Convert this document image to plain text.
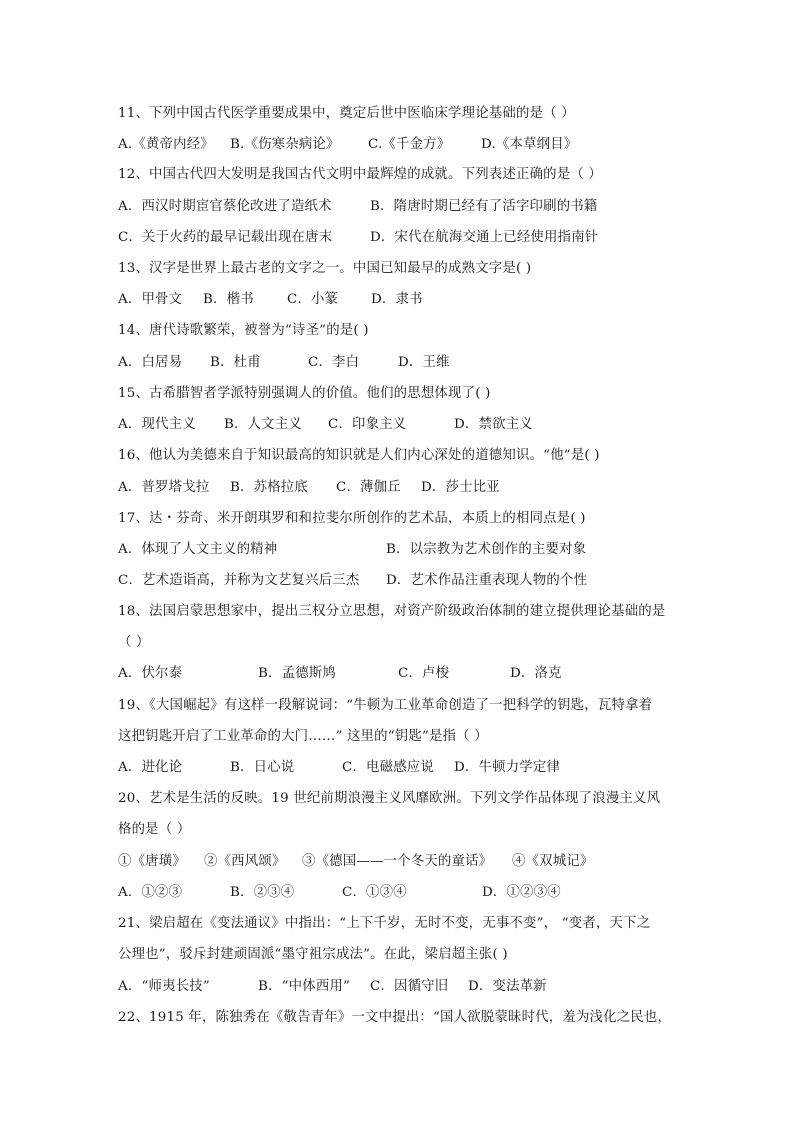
11、下列中国古代医学重要成果中，奠定后世中医临床学理论基础的是（ ）
A.《黄帝内经》	B.《伤寒杂病论》	C.《千金方》	D.《本草纲目》
12、中国古代四大发明是我国古代文明中最辉煌的成就。下列表述正确的是（ ）
A．西汉时期宦官蔡伦改进了造纸术	B．隋唐时期已经有了活字印刷的书籍
C．关于火药的最早记载出现在唐末	D．宋代在航海交通上已经使用指南针
13、汉字是世界上最古老的文字之一。中国已知最早的成熟文字是( )
A．甲骨文	B．楷书	C．小篆	D．隶书
14、唐代诗歌繁荣，被誉为“诗圣”的是( )
A．白居易	B．杜甫	C．李白	D．王维
15、古希腊智者学派特别强调人的价值。他们的思想体现了( )
A．现代主义	B．人文主义	C．印象主义	D．禁欲主义
16、他认为美德来自于知识最高的知识就是人们内心深处的道德知识。“他”是( )
A．普罗塔戈拉	B．苏格拉底	C．薄伽丘	D．莎士比亚
17、达・芬奇、米开朗琪罗和和拉斐尔所创作的艺术品，本质上的相同点是( )
A．体现了人文主义的精神	B．以宗教为艺术创作的主要对象
C．艺术造诣高，并称为文艺复兴后三杰	D．艺术作品注重表现人物的个性
18、法国启蒙思想家中，提出三权分立思想，对资产阶级政治体制的建立提供理论基础的是
（ ）
A．伏尔泰	B．孟德斯鸠	C．卢梭	D．洛克
19、《大国崛起》有这样一段解说词：“牛顿为工业革命创造了一把科学的钥匙，瓦特拿着
这把钥匙开启了工业革命的大门……” 这里的“钥匙”是指（ ）
A．进化论	B．日心说	C．电磁感应说	D．牛顿力学定律
20、艺术是生活的反映。19 世纪前期浪漫主义风靡欧洲。下列文学作品体现了浪漫主义风
格的是（ ）
①《唐璜》	②《西风颂》	③《德国——一个冬天的童话》	④《双城记》
A．①②③	B．②③④	C．①③④	D．①②③④
21、梁启超在《变法通议》中指出：“上下千岁，无时不变，无事不变”， “变者，天下之
公理也”，驳斥封建顽固派“墨守祖宗成法”。在此，梁启超主张( )
A．“师夷长技”	B．“中体西用”	C．因循守旧	D．变法革新
22、1915 年，陈独秀在《敬告青年》一文中提出：“国人欲脱蒙昧时代，羞为浅化之民也，
